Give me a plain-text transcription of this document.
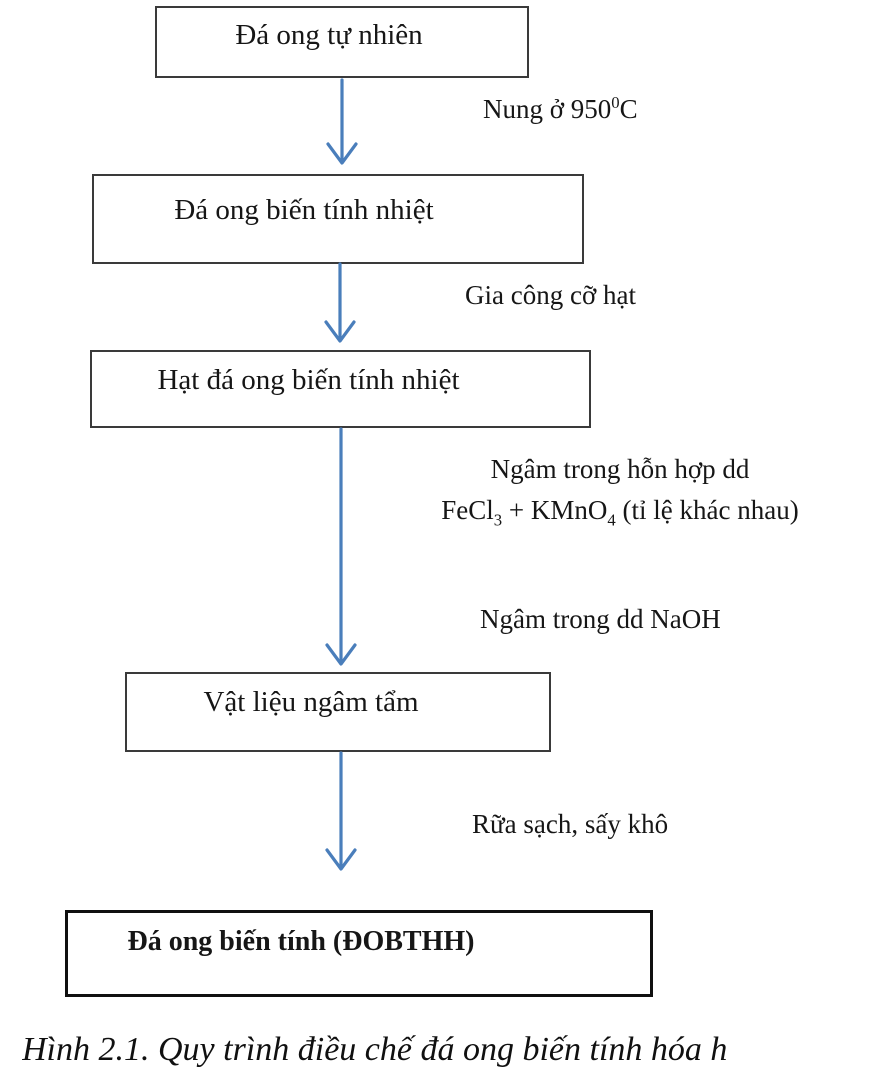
Đá ong tự nhiên
Đá ong biến tính nhiệt
Hạt đá ong biến tính nhiệt
Vật liệu ngâm tẩm
Đá ong biến tính (ĐOBTHH)
Nung ở $950^0C$
Gia công cỡ hạt
Ngâm trong hỗn hợp dd
FeCl$_3$ + KMnO$_4$ (tỉ lệ khác nhau)
Ngâm trong dd NaOH
Rữa sạch, sấy khô
Hình 2.1. Quy trình điều chế đá ong biến tính hóa h
